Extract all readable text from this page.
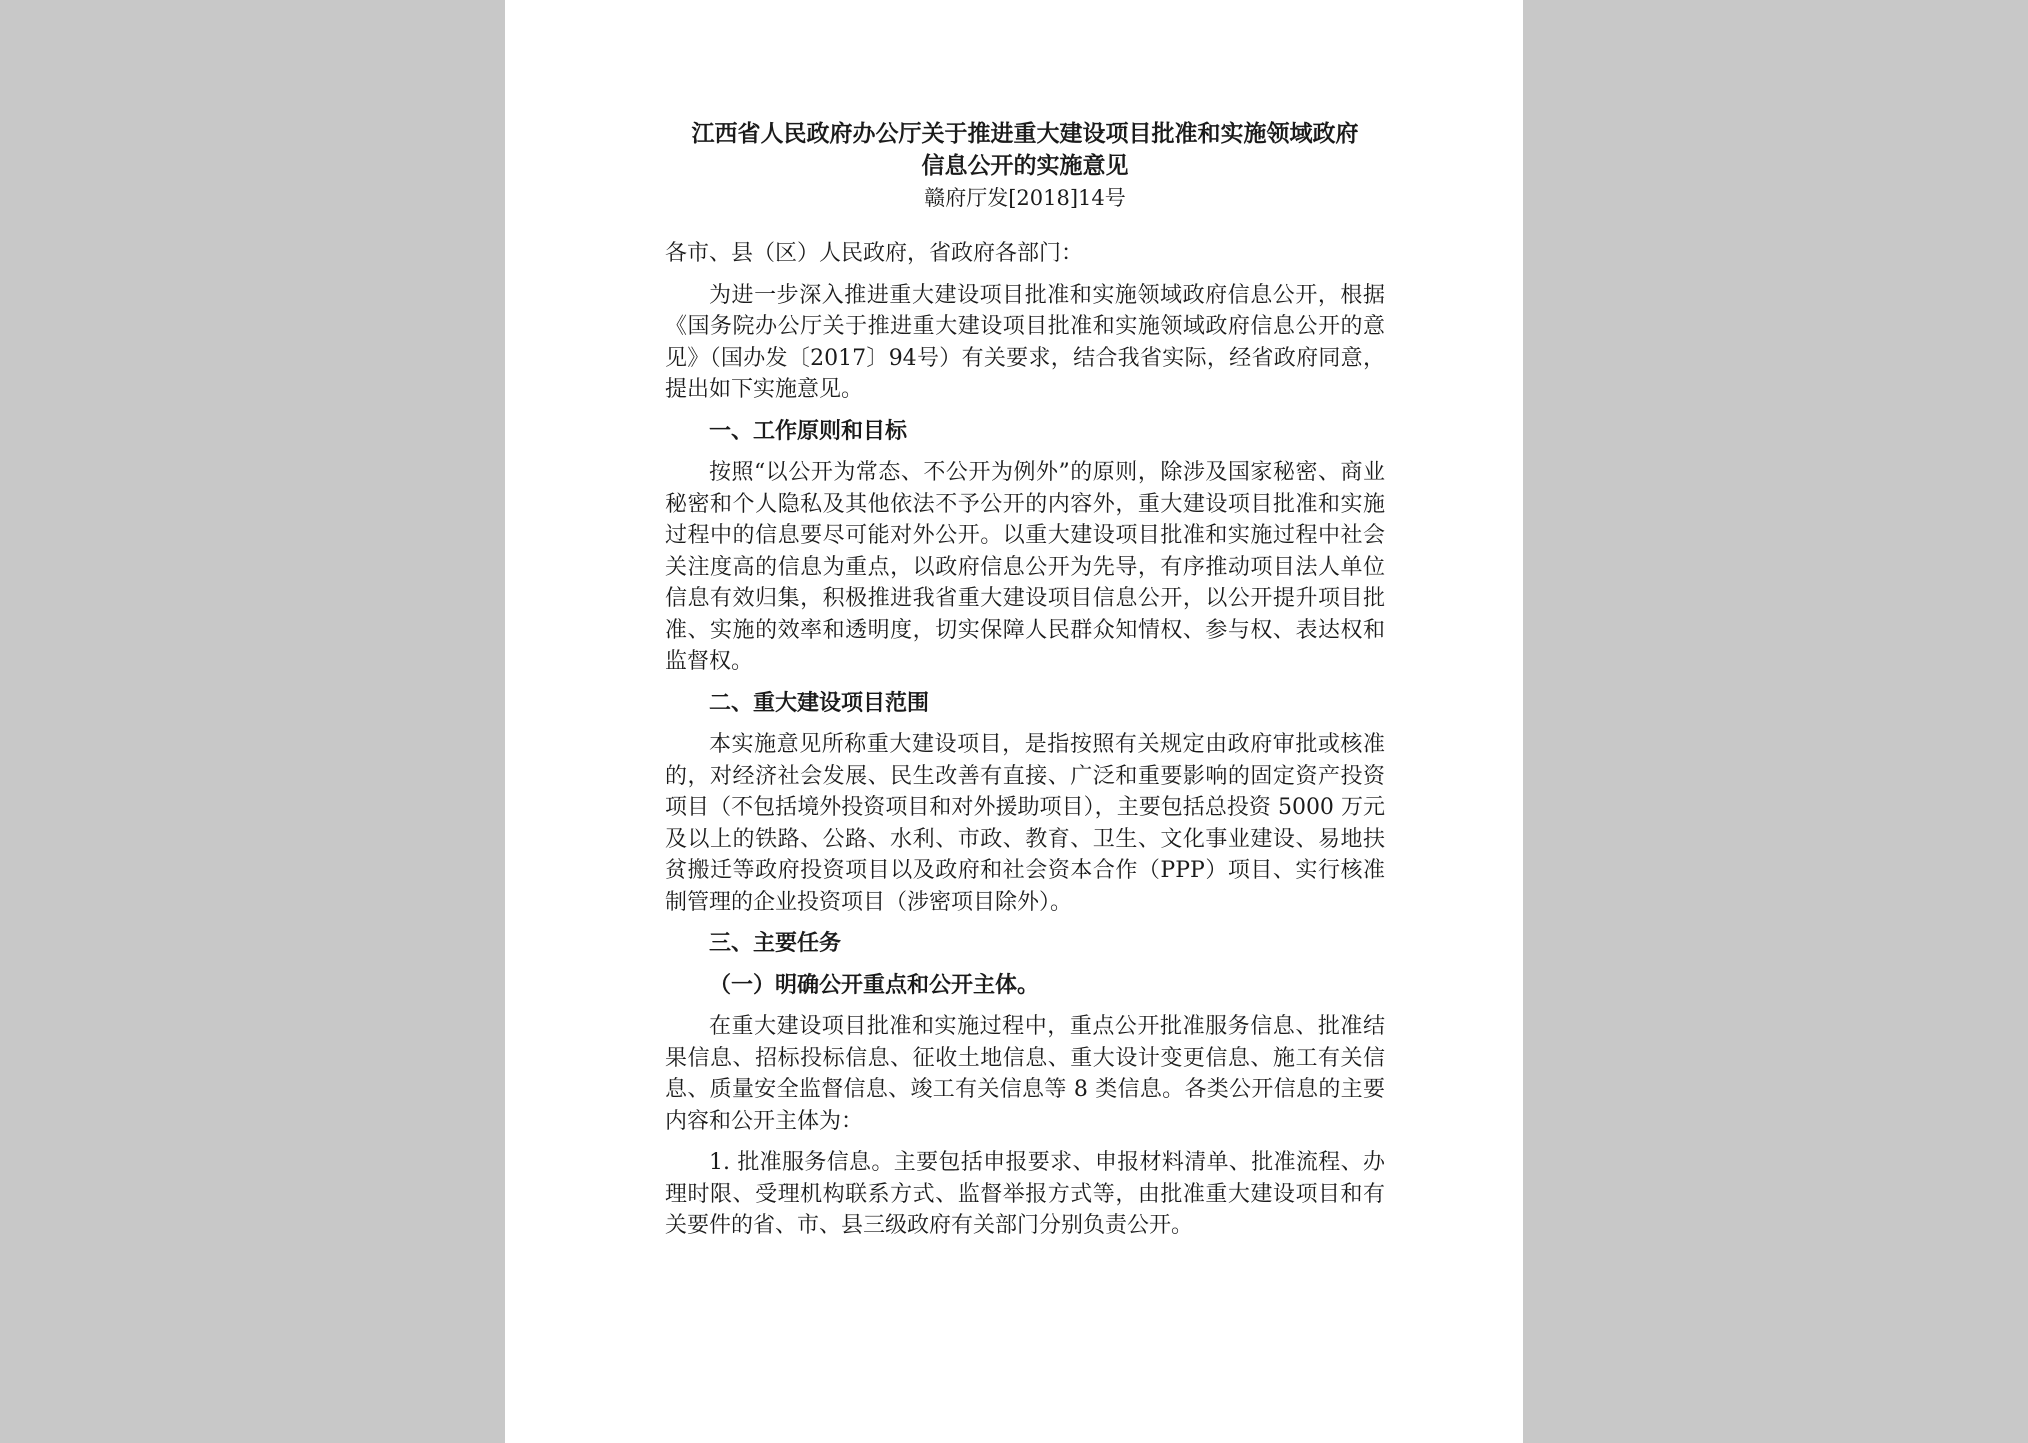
江西省人民政府办公厅关于推进重大建设项目批准和实施领域政府

信息公开的实施意见

赣府厅发[2018]14号

各市、县（区）人民政府，省政府各部门：

为进一步深入推进重大建设项目批准和实施领域政府信息公开，根据《国务院办公厅关于推进重大建设项目批准和实施领域政府信息公开的意见》（国办发〔2017〕94号）有关要求，结合我省实际，经省政府同意，提出如下实施意见。

一、工作原则和目标

按照“以公开为常态、不公开为例外”的原则，除涉及国家秘密、商业秘密和个人隐私及其他依法不予公开的内容外，重大建设项目批准和实施过程中的信息要尽可能对外公开。以重大建设项目批准和实施过程中社会关注度高的信息为重点，以政府信息公开为先导，有序推动项目法人单位信息有效归集，积极推进我省重大建设项目信息公开，以公开提升项目批准、实施的效率和透明度，切实保障人民群众知情权、参与权、表达权和监督权。

二、重大建设项目范围

本实施意见所称重大建设项目，是指按照有关规定由政府审批或核准的，对经济社会发展、民生改善有直接、广泛和重要影响的固定资产投资项目（不包括境外投资项目和对外援助项目），主要包括总投资 5000 万元及以上的铁路、公路、水利、市政、教育、卫生、文化事业建设、易地扶贫搬迁等政府投资项目以及政府和社会资本合作（PPP）项目、实行核准制管理的企业投资项目（涉密项目除外）。

三、主要任务

（一）明确公开重点和公开主体。

在重大建设项目批准和实施过程中，重点公开批准服务信息、批准结果信息、招标投标信息、征收土地信息、重大设计变更信息、施工有关信息、质量安全监督信息、竣工有关信息等 8 类信息。各类公开信息的主要内容和公开主体为：

1. 批准服务信息。主要包括申报要求、申报材料清单、批准流程、办理时限、受理机构联系方式、监督举报方式等，由批准重大建设项目和有关要件的省、市、县三级政府有关部门分别负责公开。
